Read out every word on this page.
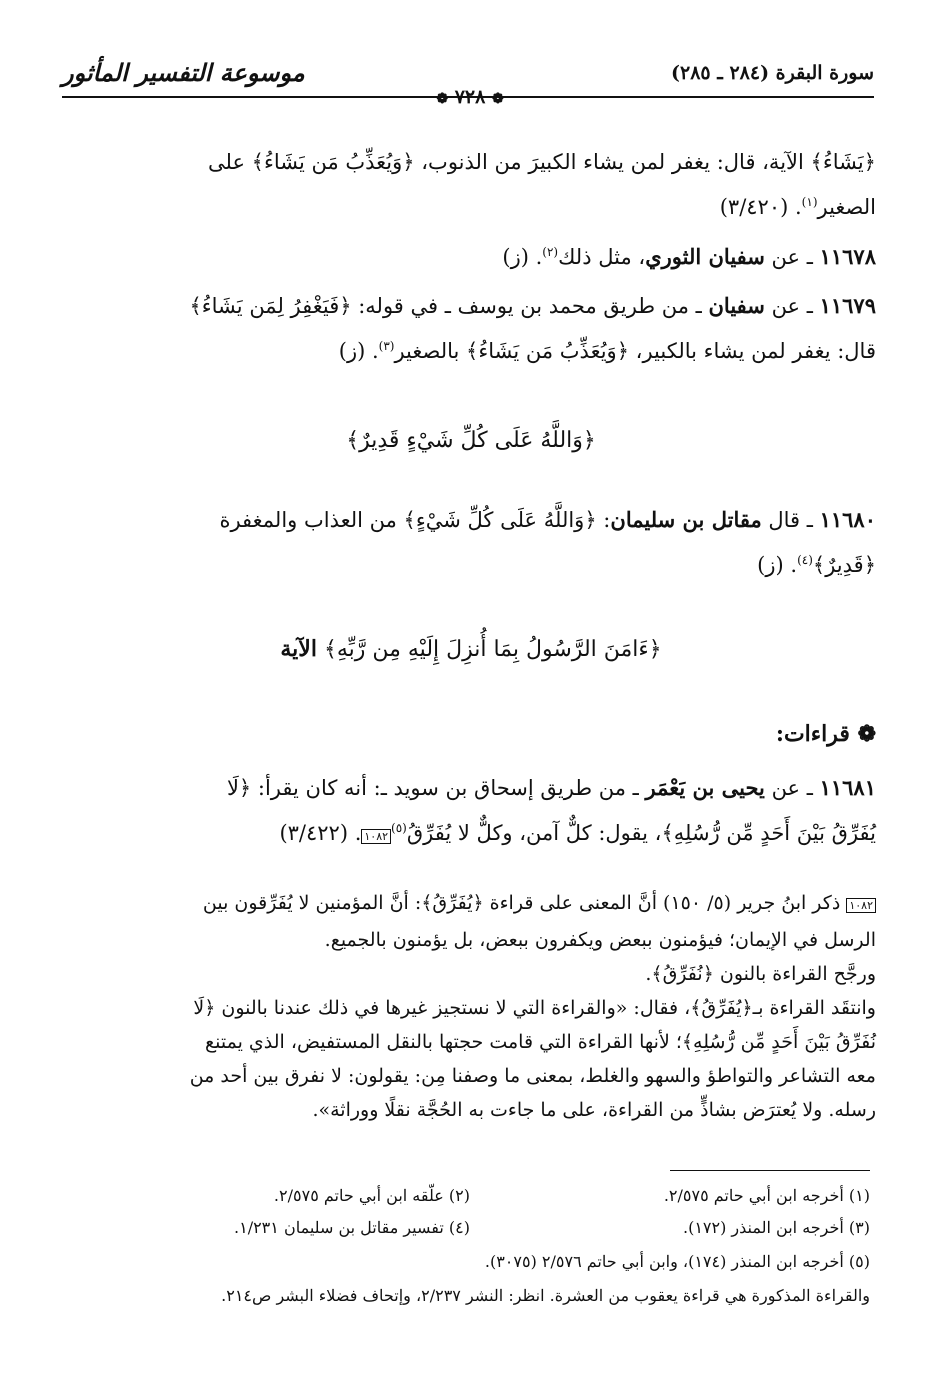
سورة البقرة (٢٨٤ ـ ٢٨٥)
موسوعة التفسير المأثور
❁ ٧٢٨ ❁
﴿يَشَاءُ﴾ الآية، قال: يغفر لمن يشاء الكبيرَ من الذنوب، ﴿وَيُعَذِّبُ مَن يَشَاءُ﴾ على
الصغير$^{(١)}$. (٣/٤٢٠)
١١٦٧٨ ـ عن سفيان الثوري، مثل ذلك$^{(٢)}$. (ز)
١١٦٧٩ ـ عن سفيان ـ من طريق محمد بن يوسف ـ في قوله: ﴿فَيَغْفِرُ لِمَن يَشَاءُ﴾
قال: يغفر لمن يشاء بالكبير، ﴿وَيُعَذِّبُ مَن يَشَاءُ﴾ بالصغير$^{(٣)}$. (ز)
﴿وَاللَّهُ عَلَى كُلِّ شَيْءٍ قَدِيرٌ﴾
١١٦٨٠ ـ قال مقاتل بن سليمان: ﴿وَاللَّهُ عَلَى كُلِّ شَيْءٍ﴾ من العذاب والمغفرة
﴿قَدِيرٌ﴾$^{(٤)}$. (ز)
﴿ءَامَنَ الرَّسُولُ بِمَا أُنزِلَ إِلَيْهِ مِن رَّبِّهِ﴾ الآية
❁ قراءات:
١١٦٨١ ـ عن يحيى بن يَعْمَر ـ من طريق إسحاق بن سويد ـ: أنه كان يقرأ: ﴿لَا
يُفَرِّقُ بَيْنَ أَحَدٍ مِّن رُّسُلِهِ﴾، يقول: كلٌّ آمن، وكلٌّ لا يُفَرِّقُ$^{(٥)}$١٠٨٢. (٣/٤٢٢)
١٠٨٢ ذكر ابنُ جرير (٥/ ١٥٠) أنَّ المعنى على قراءة ﴿يُفَرِّقُ﴾: أنَّ المؤمنين لا يُفَرِّقون بين
الرسل في الإيمان؛ فيؤمنون ببعض ويكفرون ببعض، بل يؤمنون بالجميع.
ورجَّح القراءة بالنون ﴿نُفَرِّقُ﴾.
وانتقَد القراءة بـ﴿يُفَرِّقُ﴾، فقال: «والقراءة التي لا نستجيز غيرها في ذلك عندنا بالنون ﴿لَا
نُفَرِّقُ بَيْنَ أَحَدٍ مِّن رُّسُلِهِ﴾؛ لأنها القراءة التي قامت حجتها بالنقل المستفيض، الذي يمتنع
معه التشاعر والتواطؤ والسهو والغلط، بمعنى ما وصفنا مِن: يقولون: لا نفرق بين أحد من
رسله. ولا يُعترَض بشاذٍّ من القراءة، على ما جاءت به الحُجَّة نقلًا ووراثة».
(١) أخرجه ابن أبي حاتم ٢/٥٧٥.
(٢) علّقه ابن أبي حاتم ٢/٥٧٥.
(٣) أخرجه ابن المنذر (١٧٢).
(٤) تفسير مقاتل بن سليمان ١/٢٣١.
(٥) أخرجه ابن المنذر (١٧٤)، وابن أبي حاتم ٢/٥٧٦ (٣٠٧٥).
والقراءة المذكورة هي قراءة يعقوب من العشرة. انظر: النشر ٢/٢٣٧، وإتحاف فضلاء البشر ص٢١٤.
